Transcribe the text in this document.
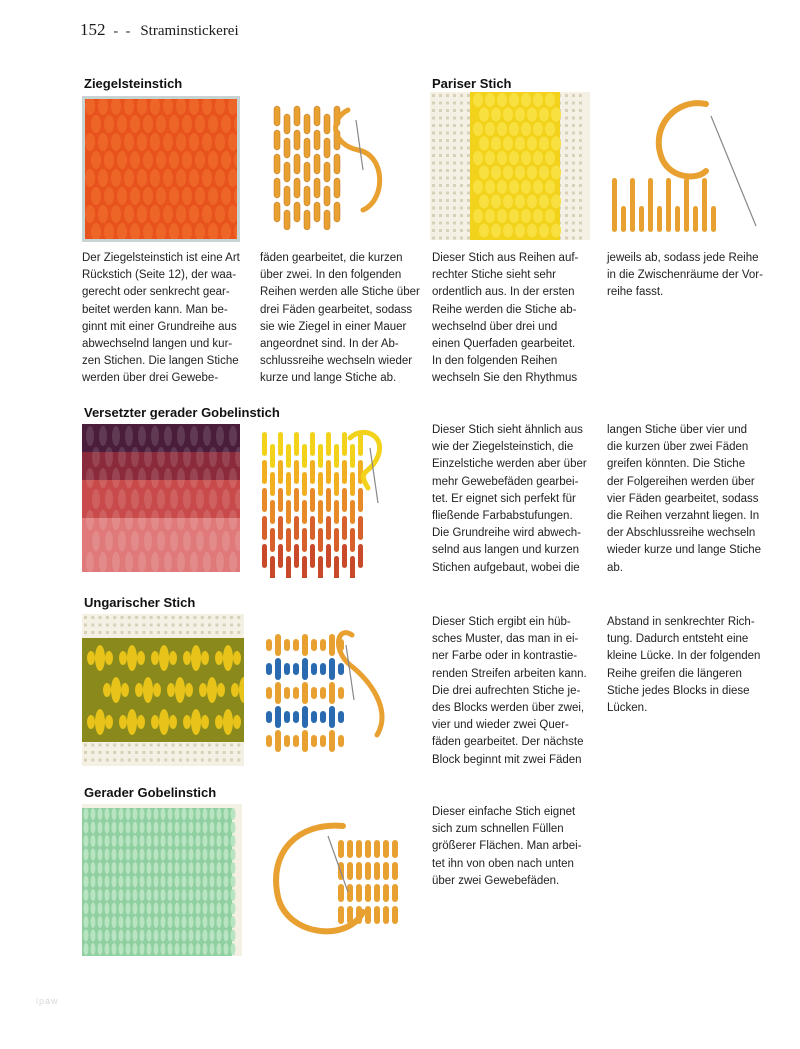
152 - - Straminstickerei
Ziegelsteinstich
Der Ziegelsteinstich ist eine Art
Rückstich (Seite 12), der waa-
gerecht oder senkrecht gear-
beitet werden kann. Man be-
ginnt mit einer Grundreihe aus
abwechselnd langen und kur-
zen Stichen. Die langen Stiche
werden über drei Gewebe-
fäden gearbeitet, die kurzen
über zwei. In den folgenden
Reihen werden alle Stiche über
drei Fäden gearbeitet, sodass
sie wie Ziegel in einer Mauer
angeordnet sind. In der Ab-
schlussreihe wechseln wieder
kurze und lange Stiche ab.
Pariser Stich
Dieser Stich aus Reihen auf-
rechter Stiche sieht sehr
ordentlich aus. In der ersten
Reihe werden die Stiche ab-
wechselnd über drei und
einen Querfaden gearbeitet.
In den folgenden Reihen
wechseln Sie den Rhythmus
jeweils ab, sodass jede Reihe
in die Zwischenräume der Vor-
reihe fasst.
Versetzter gerader Gobelinstich
Dieser Stich sieht ähnlich aus
wie der Ziegelsteinstich, die
Einzelstiche werden aber über
mehr Gewebefäden gearbei-
tet. Er eignet sich perfekt für
fließende Farbabstufungen.
Die Grundreihe wird abwech-
selnd aus langen und kurzen
Stichen aufgebaut, wobei die
langen Stiche über vier und
die kurzen über zwei Fäden
greifen könnten. Die Stiche
der Folgereihen werden über
vier Fäden gearbeitet, sodass
die Reihen verzahnt liegen. In
der Abschlussreihe wechseln
wieder kurze und lange Stiche
ab.
Ungarischer Stich
Dieser Stich ergibt ein hüb-
sches Muster, das man in ei-
ner Farbe oder in kontrastie-
renden Streifen arbeiten kann.
Die drei aufrechten Stiche je-
des Blocks werden über zwei,
vier und wieder zwei Quer-
fäden gearbeitet. Der nächste
Block beginnt mit zwei Fäden
Abstand in senkrechter Rich-
tung. Dadurch entsteht eine
kleine Lücke. In der folgenden
Reihe greifen die längeren
Stiche jedes Blocks in diese
Lücken.
Gerader Gobelinstich
Dieser einfache Stich eignet
sich zum schnellen Füllen
größerer Flächen. Man arbei-
tet ihn von oben nach unten
über zwei Gewebefäden.
ipaw
